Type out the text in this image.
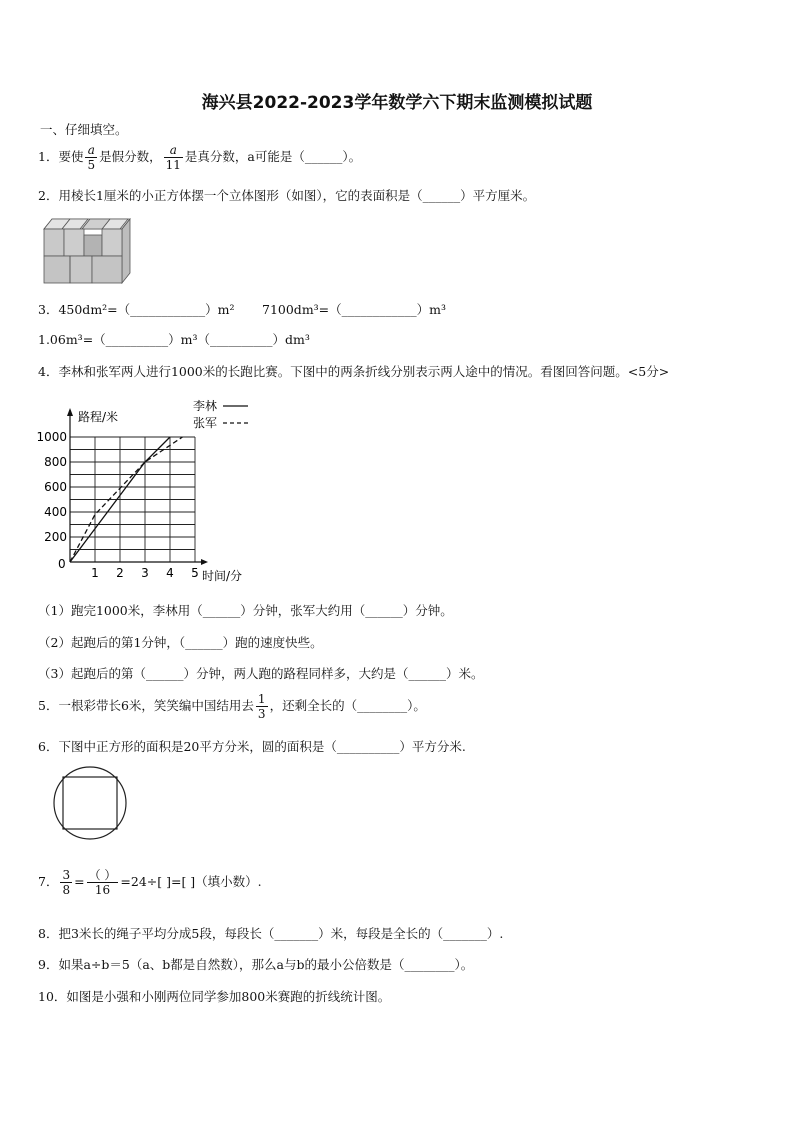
海兴县2022-2023学年数学六下期末监测模拟试题
一、仔细填空。
1．要使 $\frac{a}{5}$ 是假分数， $\frac{a}{11}$ 是真分数，a可能是（______）。
2．用棱长1厘米的小正方体摆一个立体图形（如图），它的表面积是（______）平方厘米。
3．450dm²=（____________）m² 7100dm³=（____________）m³
1.06m³=（__________）m³（__________）dm³
4．李林和张军两人进行1000米的长跑比赛。下图中的两条折线分别表示两人途中的情况。看图回答问题。<5分>
路程/米
时间/分
0
1 2 3 4 5
200
400
600
800
1000
李林
张军
（1）跑完1000米，李林用（______）分钟，张军大约用（______）分钟。
（2）起跑后的第1分钟，（______）跑的速度快些。
（3）起跑后的第（______）分钟，两人跑的路程同样多，大约是（______）米。
5．一根彩带长6米，笑笑编中国结用去 $\frac{1}{3}$ ，还剩全长的（________）。
6．下图中正方形的面积是20平方分米，圆的面积是（__________）平方分米.
7． $\frac{3}{8} = \frac{( )}{16} =24\div$[ ]=[ ]（填小数）.
8．把3米长的绳子平均分成5段，每段长（_______）米，每段是全长的（_______）.
9．如果a÷b＝5（a、b都是自然数），那么a与b的最小公倍数是（________）。
10．如图是小强和小刚两位同学参加800米赛跑的折线统计图。
